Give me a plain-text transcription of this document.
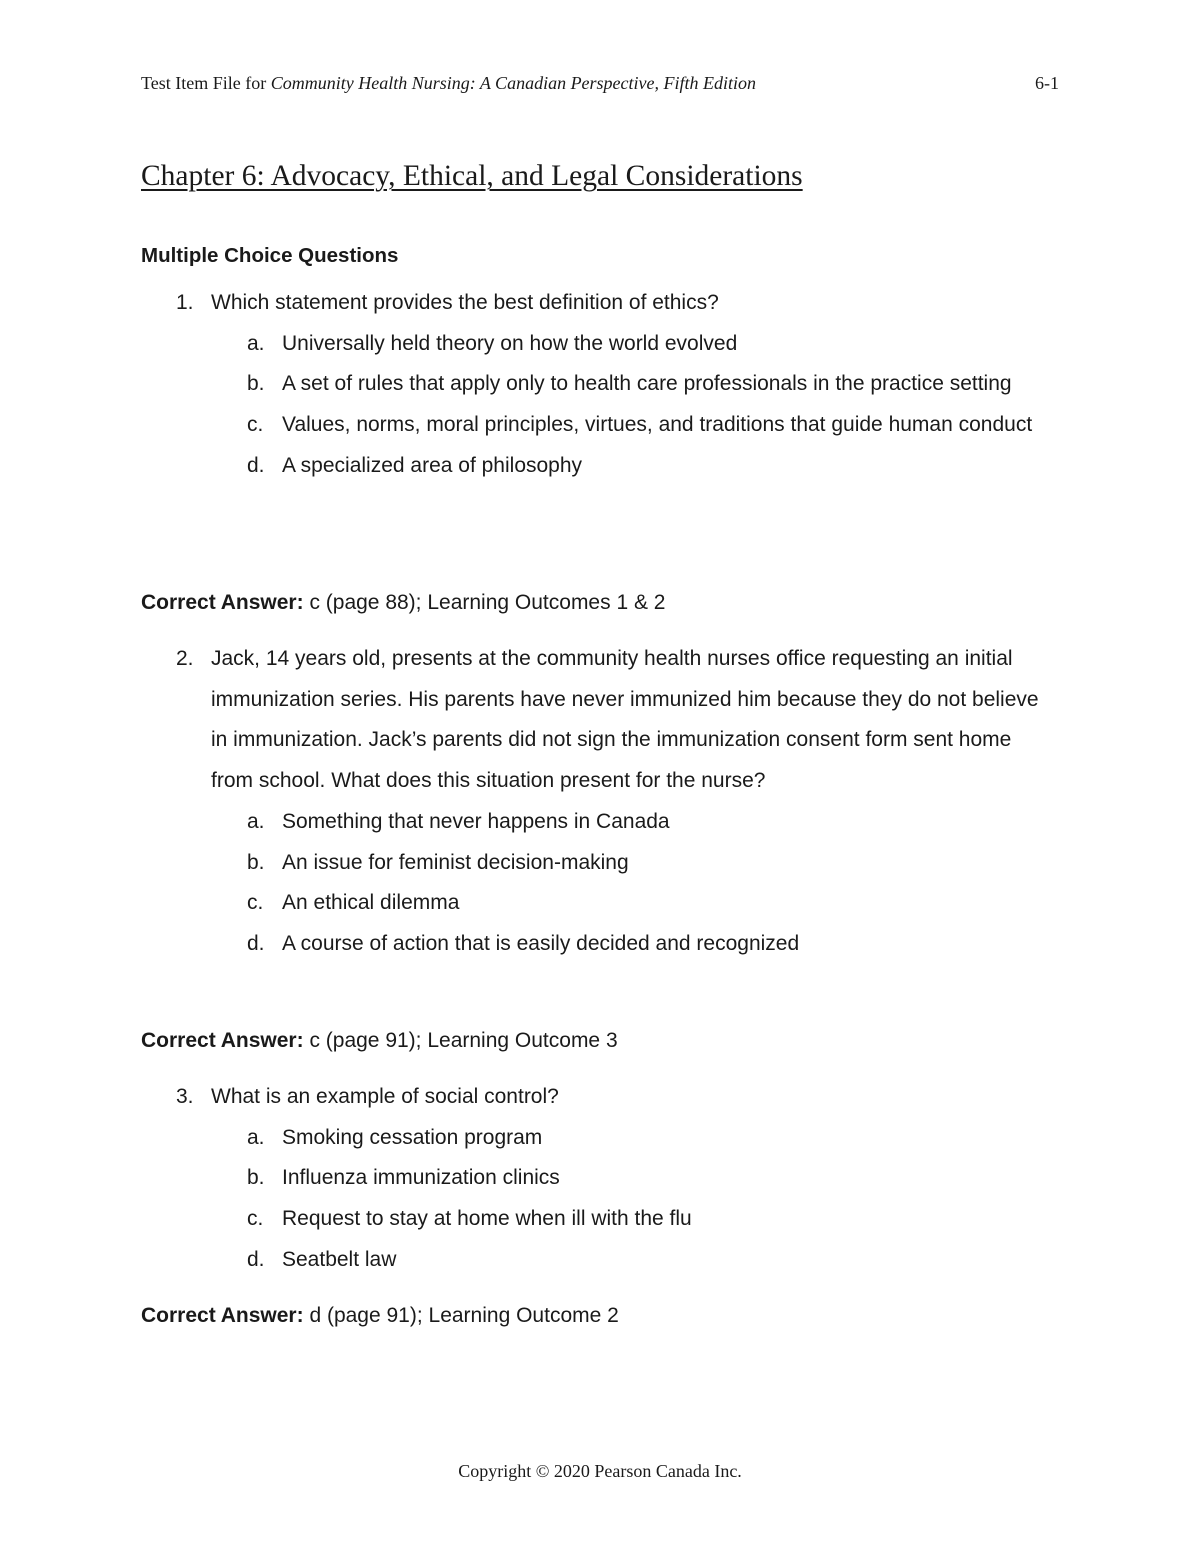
Test Item File for Community Health Nursing: A Canadian Perspective, Fifth Edition	6-1
Chapter 6: Advocacy, Ethical, and Legal Considerations
Multiple Choice Questions
1. Which statement provides the best definition of ethics?
a. Universally held theory on how the world evolved
b. A set of rules that apply only to health care professionals in the practice setting
c. Values, norms, moral principles, virtues, and traditions that guide human conduct
d. A specialized area of philosophy
Correct Answer: c (page 88); Learning Outcomes 1 & 2
2. Jack, 14 years old, presents at the community health nurses office requesting an initial immunization series. His parents have never immunized him because they do not believe in immunization. Jack’s parents did not sign the immunization consent form sent home from school. What does this situation present for the nurse?
a. Something that never happens in Canada
b. An issue for feminist decision-making
c. An ethical dilemma
d. A course of action that is easily decided and recognized
Correct Answer: c (page 91); Learning Outcome 3
3. What is an example of social control?
a. Smoking cessation program
b. Influenza immunization clinics
c. Request to stay at home when ill with the flu
d. Seatbelt law
Correct Answer: d (page 91); Learning Outcome 2
Copyright © 2020 Pearson Canada Inc.
